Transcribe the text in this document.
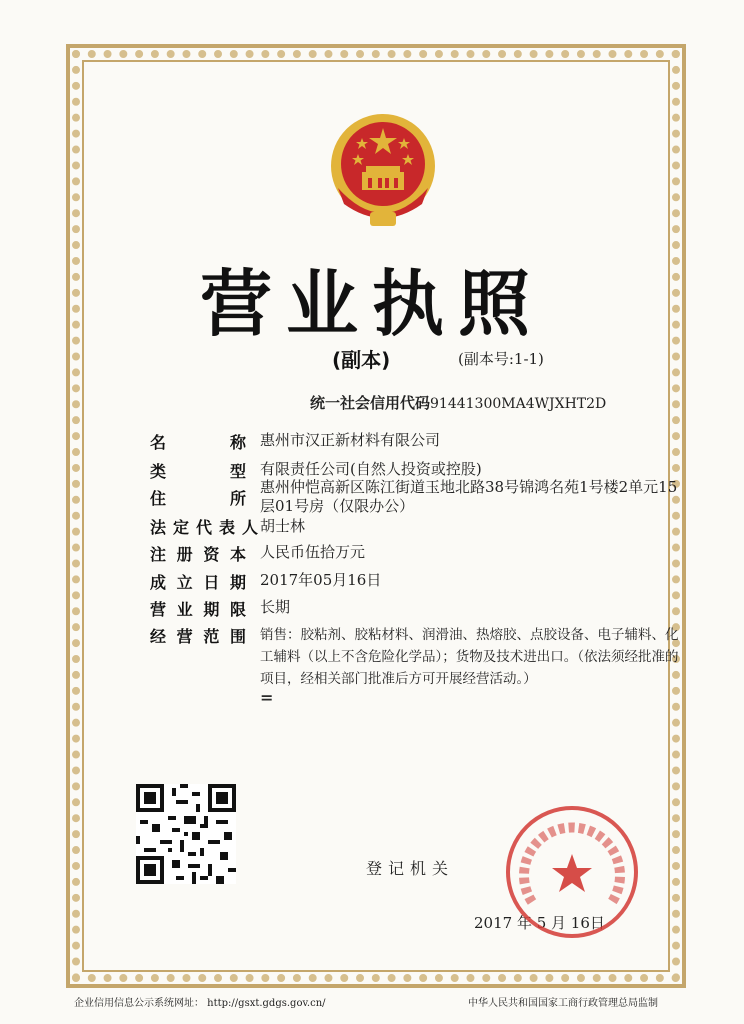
营业执照
(副本)	(副本号:1-1)
统一社会信用代码91441300MA4WJXHT2D
名	称 惠州市汉正新材料有限公司
类	型 有限责任公司(自然人投资或控股)
住	所
惠州仲恺高新区陈江街道玉地北路38号锦鸿名苑1号楼2单元15层01号房（仅限办公）
法 定 代 表 人 胡士林
注 册 资 本 人民币伍拾万元
成 立 日 期 2017年05月16日
营 业 期 限 长期
经 营 范 围 销售：胶粘剂、胶粘材料、润滑油、热熔胶、点胶设备、电子辅料、化工辅料（以上不含危险化学品）；货物及技术进出口。（依法须经批准的项目，经相关部门批准后方可开展经营活动。）
=
登记机关
2017 年 5 月 16日
企业信用信息公示系统网址： http://gsxt.gdgs.gov.cn/	中华人民共和国国家工商行政管理总局监制
